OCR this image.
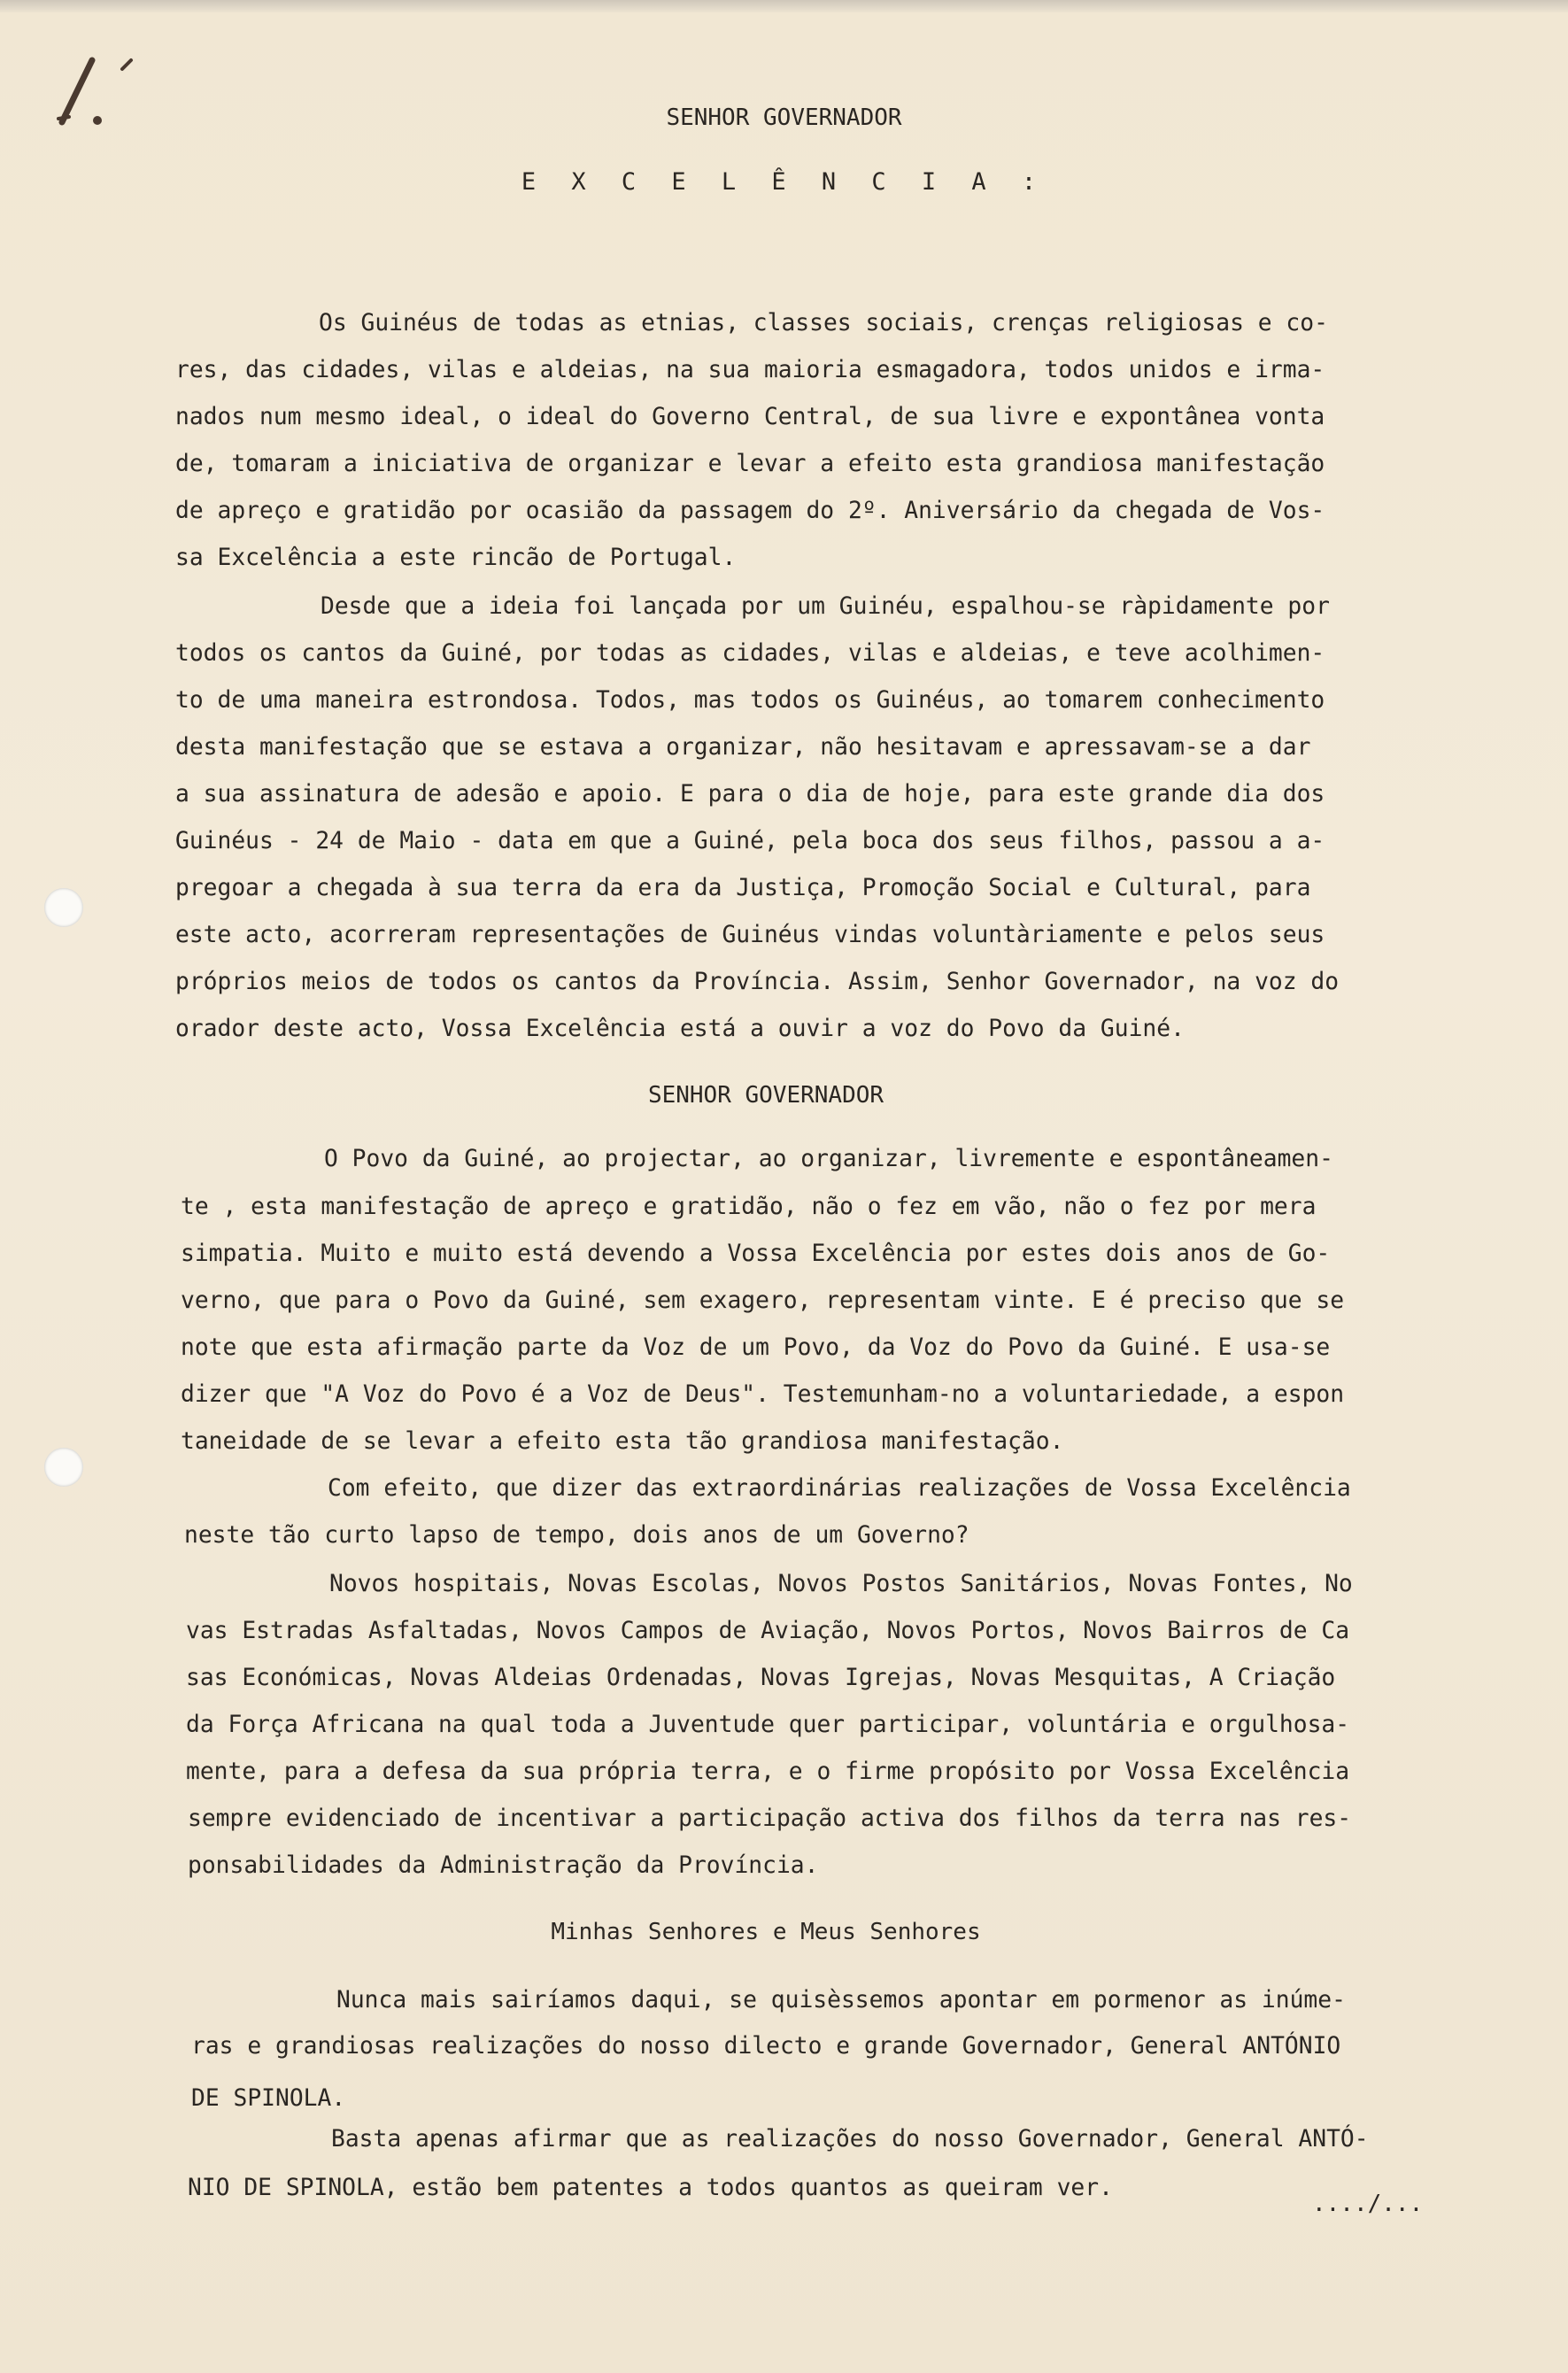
1.
SENHOR GOVERNADOR
E X C E L Ê N C I A :
Os Guinéus de todas as etnias, classes sociais, crenças religiosas e co-
res, das cidades, vilas e aldeias, na sua maioria esmagadora, todos unidos e irma-
nados num mesmo ideal, o ideal do Governo Central, de sua livre e expontânea vonta
de, tomaram a iniciativa de organizar e levar a efeito esta grandiosa manifestação
de apreço e gratidão por ocasião da passagem do 2º. Aniversário da chegada de Vos-
sa Excelência a este rincão de Portugal.
Desde que a ideia foi lançada por um Guinéu, espalhou-se ràpidamente por
todos os cantos da Guiné, por todas as cidades, vilas e aldeias, e teve acolhimen-
to de uma maneira estrondosa. Todos, mas todos os Guinéus, ao tomarem conhecimento
desta manifestação que se estava a organizar, não hesitavam e apressavam-se a dar
a sua assinatura de adesão e apoio. E para o dia de hoje, para este grande dia dos
Guinéus - 24 de Maio - data em que a Guiné, pela boca dos seus filhos, passou a a-
pregoar a chegada à sua terra da era da Justiça, Promoção Social e Cultural, para
este acto, acorreram representações de Guinéus vindas voluntàriamente e pelos seus
próprios meios de todos os cantos da Província. Assim, Senhor Governador, na voz do
orador deste acto, Vossa Excelência está a ouvir a voz do Povo da Guiné.
SENHOR GOVERNADOR
O Povo da Guiné, ao projectar, ao organizar, livremente e espontâneamen-
te , esta manifestação de apreço e gratidão, não o fez em vão, não o fez por mera
simpatia. Muito e muito está devendo a Vossa Excelência por estes dois anos de Go-
verno, que para o Povo da Guiné, sem exagero, representam vinte. E é preciso que se
note que esta afirmação parte da Voz de um Povo, da Voz do Povo da Guiné. E usa-se
dizer que "A Voz do Povo é a Voz de Deus". Testemunham-no a voluntariedade, a espon
taneidade de se levar a efeito esta tão grandiosa manifestação.
Com efeito, que dizer das extraordinárias realizações de Vossa Excelência
neste tão curto lapso de tempo, dois anos de um Governo?
Novos hospitais, Novas Escolas, Novos Postos Sanitários, Novas Fontes, No
vas Estradas Asfaltadas, Novos Campos de Aviação, Novos Portos, Novos Bairros de Ca
sas Económicas, Novas Aldeias Ordenadas, Novas Igrejas, Novas Mesquitas, A Criação
da Força Africana na qual toda a Juventude quer participar, voluntária e orgulhosa-
mente, para a defesa da sua própria terra, e o firme propósito por Vossa Excelência
sempre evidenciado de incentivar a participação activa dos filhos da terra nas res-
ponsabilidades da Administração da Província.
Minhas Senhores e Meus Senhores
Nunca mais sairíamos daqui, se quisèssemos apontar em pormenor as inúme-
ras e grandiosas realizações do nosso dilecto e grande Governador, General ANTÓNIO
DE SPINOLA.
Basta apenas afirmar que as realizações do nosso Governador, General ANTÓ-
NIO DE SPINOLA, estão bem patentes a todos quantos as queiram ver.
..../...
